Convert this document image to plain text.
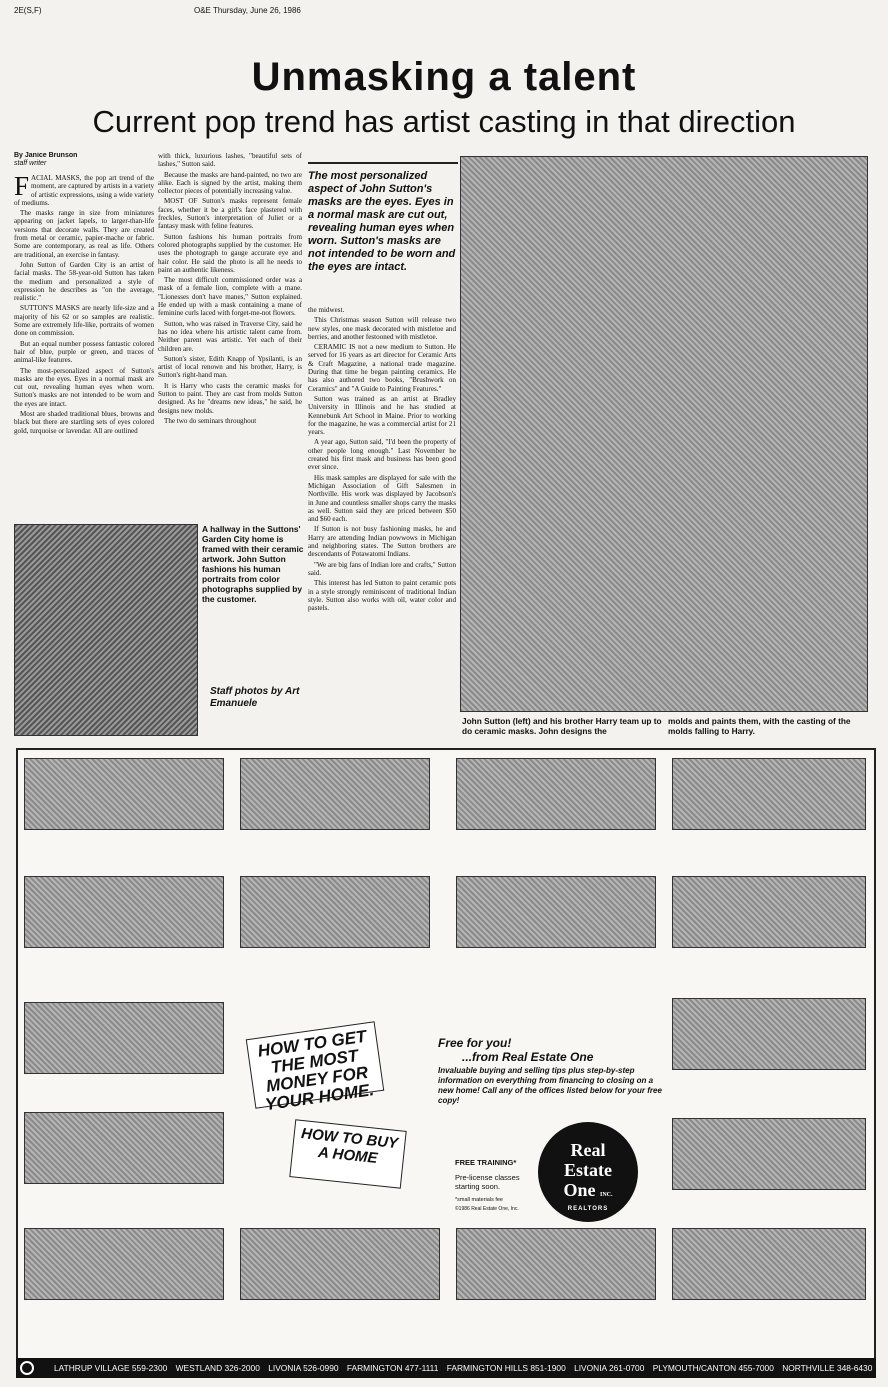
2E(S,F)	O&E Thursday, June 26, 1986
Unmasking a talent
Current pop trend has artist casting in that direction
By Janice Brunson
staff writer

FACIAL MASKS, the pop art trend of the moment, are captured by artists in a variety of artistic expressions, using a wide variety of mediums.

The masks range in size from miniatures appearing on jacket lapels, to larger-than-life versions that decorate walls. They are created from metal or ceramic, papier-mache or fabric. Some are contemporary, as real as life. Others are traditional, an exercise in fantasy.

John Sutton of Garden City is an artist of facial masks. The 58-year-old Sutton has taken the medium and personalized a style of expression he describes as "on the average, realistic."

SUTTON'S MASKS are nearly life-size and a majority of his 62 or so samples are realistic. Some are extremely life-like, portraits of women done on commission.

But an equal number possess fantastic colored hair of blue, purple or green, and traces of animal-like features.

The most-personalized aspect of Sutton's masks are the eyes. Eyes in a normal mask are cut out, revealing human eyes when worn. Sutton's masks are not intended to be worn and the eyes are intact.

Most are shaded traditional blues, browns and black but there are startling sets of eyes colored gold, turquoise or lavendar. All are outlined

with thick, luxurious lashes, "beautiful sets of lashes," Sutton said.

Because the masks are hand-painted, no two are alike. Each is signed by the artist, making them collector pieces of potentially increasing value.

MOST OF Sutton's masks represent female faces, whether it be a girl's face plastered with freckles, Sutton's interpretation of Juliet or a fantasy mask with feline features.

Sutton fashions his human portraits from colored photographs supplied by the customer. He uses the photograph to gauge accurate eye and hair color. He said the photo is all he needs to paint an authentic likeness.

The most difficult commissioned order was a mask of a female lion, complete with a mane. "Lionesses don't have manes," Sutton explained. He ended up with a mask containing a mane of feminine curls laced with forget-me-not flowers.

Sutton, who was raised in Traverse City, said he has no idea where his artistic talent came from. Neither parent was artistic. Yet each of their children are.

Sutton's sister, Edith Knapp of Ypsilanti, is an artist of local renown and his brother, Harry, is Sutton's right-hand man.

It is Harry who casts the ceramic masks for Sutton to paint. They are cast from molds Sutton designed. As he "dreams new ideas," he said, he designs new molds.

The two do seminars throughout

The most personalized aspect of John Sutton's masks are the eyes. Eyes in a normal mask are cut out, revealing human eyes when worn. Sutton's masks are not intended to be worn and the eyes are intact.

the midwest.

This Christmas season Sutton will release two new styles, one mask decorated with mistletoe and berries, and another festooned with mistletoe.

CERAMIC IS not a new medium to Sutton. He served for 16 years as art director for Ceramic Arts & Craft Magazine, a national trade magazine. During that time he began painting ceramics. He has also authored two books, "Brushwork on Ceramics" and "A Guide to Painting Features."

Sutton was trained as an artist at Bradley University in Illinois and he has studied at Kennebunk Art School in Maine. Prior to working for the magazine, he was a commercial artist for 21 years.

A year ago, Sutton said, "I'd been the property of other people long enough." Last November he created his first mask and business has been good ever since.

His mask samples are displayed for sale with the Michigan Association of Gift Salesmen in Northville. His work was displayed by Jacobson's in June and countless smaller shops carry the masks as well. Sutton said they are priced between $50 and $60 each.

If Sutton is not busy fashioning masks, he and Harry are attending Indian powwows in Michigan and neighboring states. The Sutton brothers are descendants of Potawatomi Indians.

"We are big fans of Indian lore and crafts," Sutton said.

This interest has led Sutton to paint ceramic pots in a style strongly reminiscent of traditional Indian style. Sutton also works with oil, water color and pastels.

John Sutton (left) and his brother Harry team up to do ceramic masks. John designs the
molds and paints them, with the casting of the molds falling to Harry.
A hallway in the Suttons' Garden City home is framed with their ceramic artwork. John Sutton fashions his human portraits from color photographs supplied by the customer.
Staff photos by Art Emanuele
HOW TO GET THE MOST MONEY FOR YOUR HOME.
HOW TO BUY A HOME
Free for you!
...from Real Estate One
Invaluable buying and selling tips plus step-by-step information on everything from financing to closing on a new home! Call any of the offices listed below for your free copy!
FREE TRAINING*
Pre-license classes starting soon.
*small materials fee
©1986 Real Estate One, Inc.
Real
Estate
One INC.
REALTORS
LATHRUP VILLAGE 559-2300 WESTLAND 326-2000 LIVONIA 526-0990 FARMINGTON 477-1111 FARMINGTON HILLS 851-1900 LIVONIA 261-0700 PLYMOUTH/CANTON 455-7000 NORTHVILLE 348-6430
